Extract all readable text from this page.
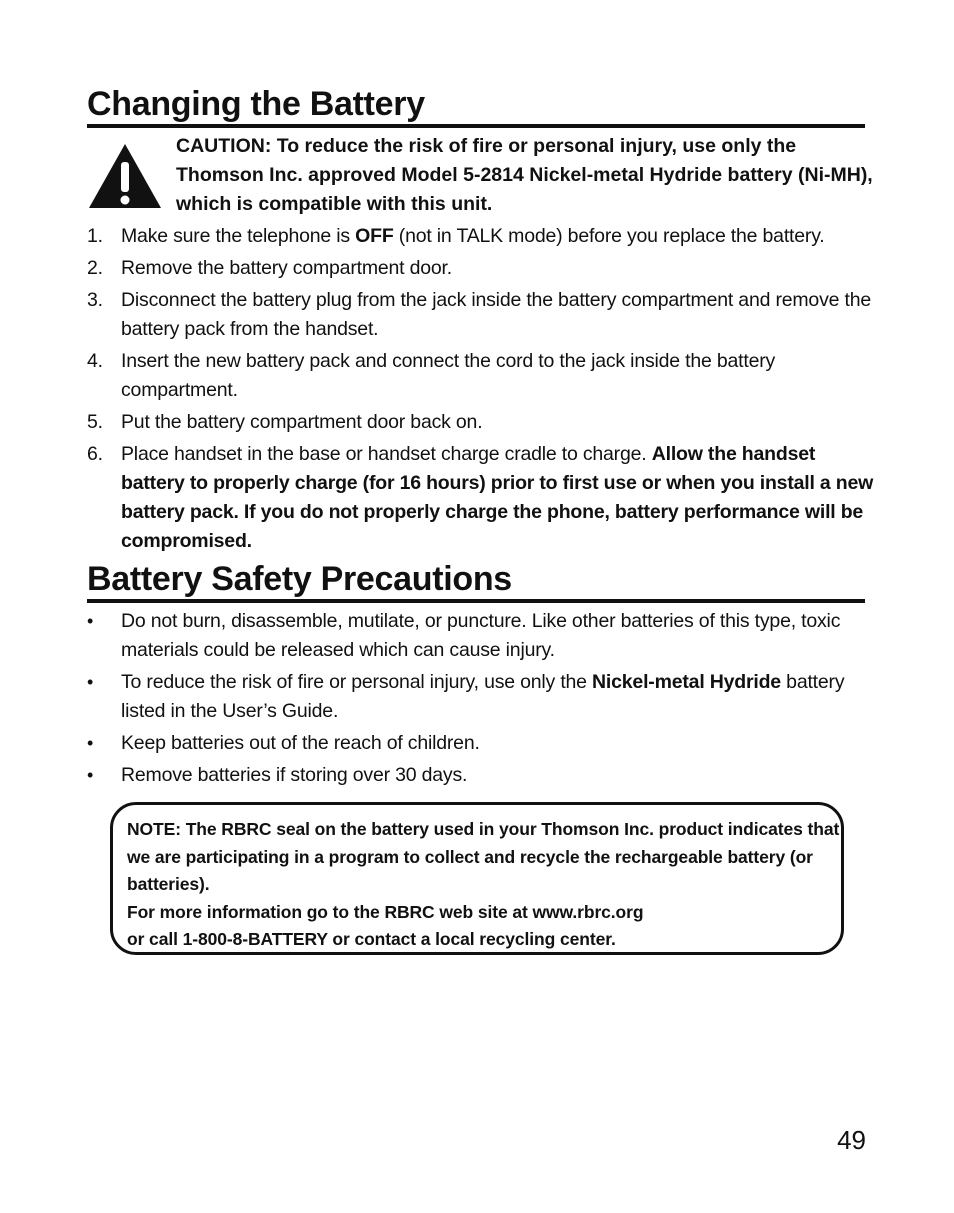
Changing the Battery
CAUTION: To reduce the risk of fire or personal injury, use only the Thomson Inc. approved Model 5-2814 Nickel-metal Hydride battery (Ni-MH), which is compatible with this unit.
1. Make sure the telephone is OFF (not in TALK mode) before you replace the battery.
2. Remove the battery compartment door.
3. Disconnect the battery plug from the jack inside the battery compartment and remove the battery pack from the handset.
4. Insert the new battery pack and connect the cord to the jack inside the battery compartment.
5. Put the battery compartment door back on.
6. Place handset in the base or handset charge cradle to charge. Allow the handset battery to properly charge (for 16 hours) prior to first use or when you install a new battery pack. If you do not properly charge the phone, battery performance will be compromised.
Battery Safety Precautions
•	Do not burn, disassemble, mutilate, or puncture. Like other batteries of this type, toxic materials could be released which can cause injury.
•	To reduce the risk of fire or personal injury, use only the Nickel-metal Hydride battery listed in the User’s Guide.
•	Keep batteries out of the reach of children.
•	Remove batteries if storing over 30 days.

NOTE: The RBRC seal on the battery used in your Thomson Inc. product indicates that we are participating in a program to collect and recycle the rechargeable battery (or batteries).

For more information go to the RBRC web site at www.rbrc.org

or call 1-800-8-BATTERY or contact a local recycling center.

49
